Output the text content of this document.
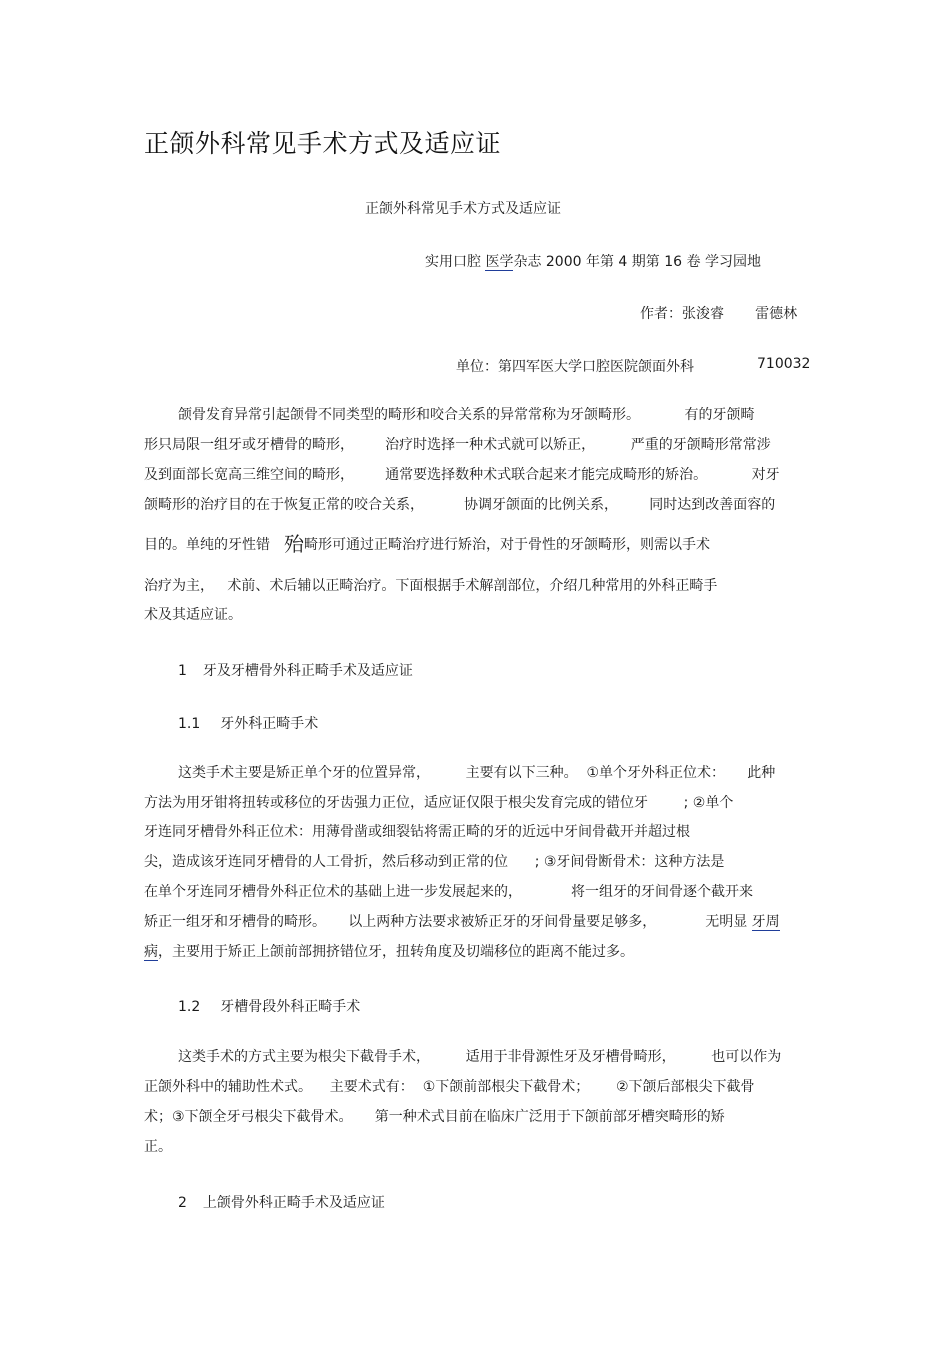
正颌外科常见手术方式及适应证
正颌外科常见手术方式及适应证
实用口腔 医学杂志 2000 年第 4 期第 16 卷 学习园地
作者：张浚睿       雷德林
单位：第四军医大学口腔医院颌面外科	710032
颌骨发育异常引起颌骨不同类型的畸形和咬合关系的异常常称为牙颌畸形。          有的牙颌畸
形只局限一组牙或牙槽骨的畸形，       治疗时选择一种术式就可以矫正，        严重的牙颌畸形常常涉
及到面部长宽高三维空间的畸形，       通常要选择数种术式联合起来才能完成畸形的矫治。          对牙
颌畸形的治疗目的在于恢复正常的咬合关系，         协调牙颌面的比例关系，       同时达到改善面容的
目的。单纯的牙性错 殆畸形可通过正畸治疗进行矫治，对于骨性的牙颌畸形，则需以手术
治疗为主，   术前、术后辅以正畸治疗。下面根据手术解剖部位，介绍几种常用的外科正畸手
术及其适应证。
1 牙及牙槽骨外科正畸手术及适应证
1.1 牙外科正畸手术
这类手术主要是矫正单个牙的位置异常，        主要有以下三种。  ①单个牙外科正位术：     此种
方法为用牙钳将扭转或移位的牙齿强力正位，适应证仅限于根尖发育完成的错位牙        ; ②单个
牙连同牙槽骨外科正位术：用薄骨凿或细裂钻将需正畸的牙的近远中牙间骨截开并超过根
尖，造成该牙连同牙槽骨的人工骨折，然后移动到正常的位      ; ③牙间骨断骨术：这种方法是
在单个牙连同牙槽骨外科正位术的基础上进一步发展起来的，           将一组牙的牙间骨逐个截开来
矫正一组牙和牙槽骨的畸形。     以上两种方法要求被矫正牙的牙间骨量要足够多，           无明显 牙周
病，主要用于矫正上颌前部拥挤错位牙，扭转角度及切端移位的距离不能过多。
1.2 牙槽骨段外科正畸手术
这类手术的方式主要为根尖下截骨手术，        适用于非骨源性牙及牙槽骨畸形，        也可以作为
正颌外科中的辅助性术式。    主要术式有：  ①下颌前部根尖下截骨术；      ②下颌后部根尖下截骨
术；③下颌全牙弓根尖下截骨术。     第一种术式目前在临床广泛用于下颌前部牙槽突畸形的矫
正。
2 上颌骨外科正畸手术及适应证
